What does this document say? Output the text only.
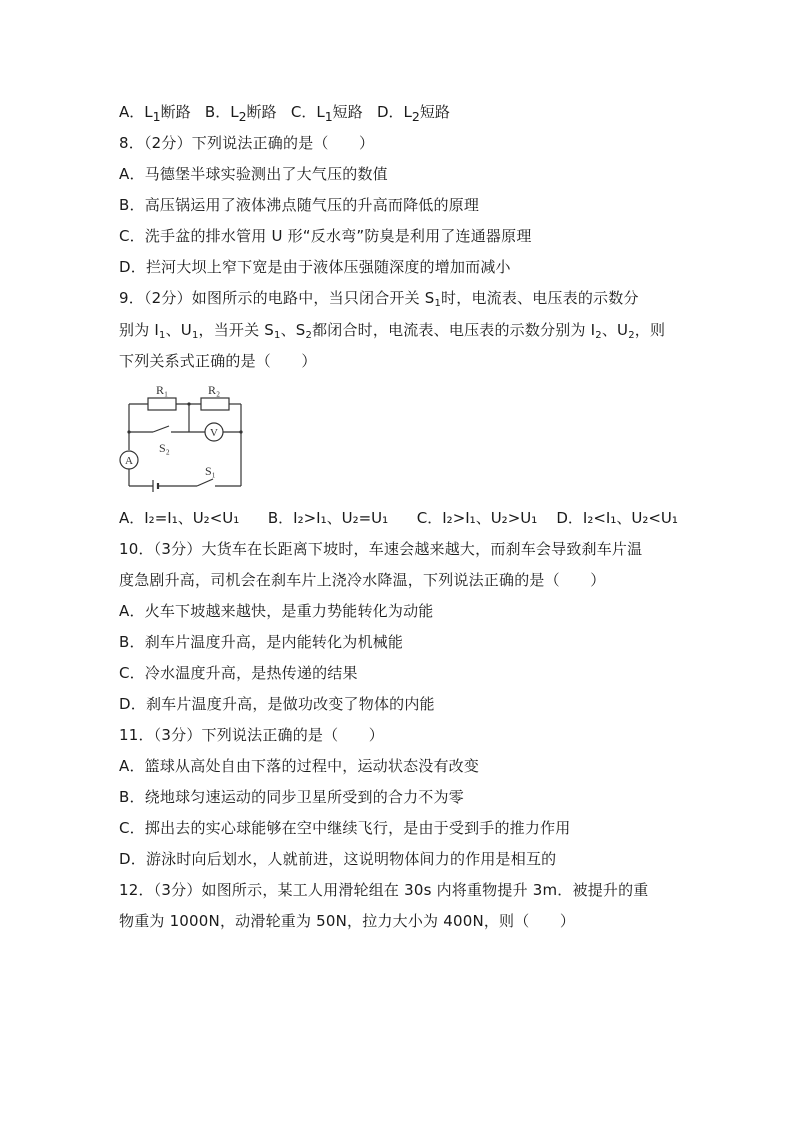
A．$L_1$断路 B．$L_2$断路 C．$L_1$短路 D．$L_2$短路
8．（2分）下列说法正确的是（　　）
A．马德堡半球实验测出了大气压的数值
B．高压锅运用了液体沸点随气压的升高而降低的原理
C．洗手盆的排水管用 U 形“反水弯”防臭是利用了连通器原理
D．拦河大坝上窄下宽是由于液体压强随深度的增加而减小
9．（2分）如图所示的电路中，当只闭合开关 $S_1$时，电流表、电压表的示数分
别为 $I_1$、$U_1$，当开关 $S_1$、$S_2$都闭合时，电流表、电压表的示数分别为 $I_2$、$U_2$，则
下列关系式正确的是（　　）
R₁	R₂
V
A
S₂
S₁
A．I₂=I₁、U₂<U₁ B．I₂>I₁、U₂=U₁ C．I₂>I₁、U₂>U₁ D．I₂<I₁、U₂<U₁
10．（3分）大货车在长距离下坡时，车速会越来越大，而刹车会导致刹车片温
度急剧升高，司机会在刹车片上浇冷水降温，下列说法正确的是（　　）
A．火车下坡越来越快，是重力势能转化为动能
B．刹车片温度升高，是内能转化为机械能
C．冷水温度升高，是热传递的结果
D．刹车片温度升高，是做功改变了物体的内能
11．（3分）下列说法正确的是（　　）
A．篮球从高处自由下落的过程中，运动状态没有改变
B．绕地球匀速运动的同步卫星所受到的合力不为零
C．掷出去的实心球能够在空中继续飞行，是由于受到手的推力作用
D．游泳时向后划水，人就前进，这说明物体间力的作用是相互的
12．（3分）如图所示，某工人用滑轮组在 30s 内将重物提升 3m．被提升的重
物重为 1000N，动滑轮重为 50N，拉力大小为 400N，则（　　）
